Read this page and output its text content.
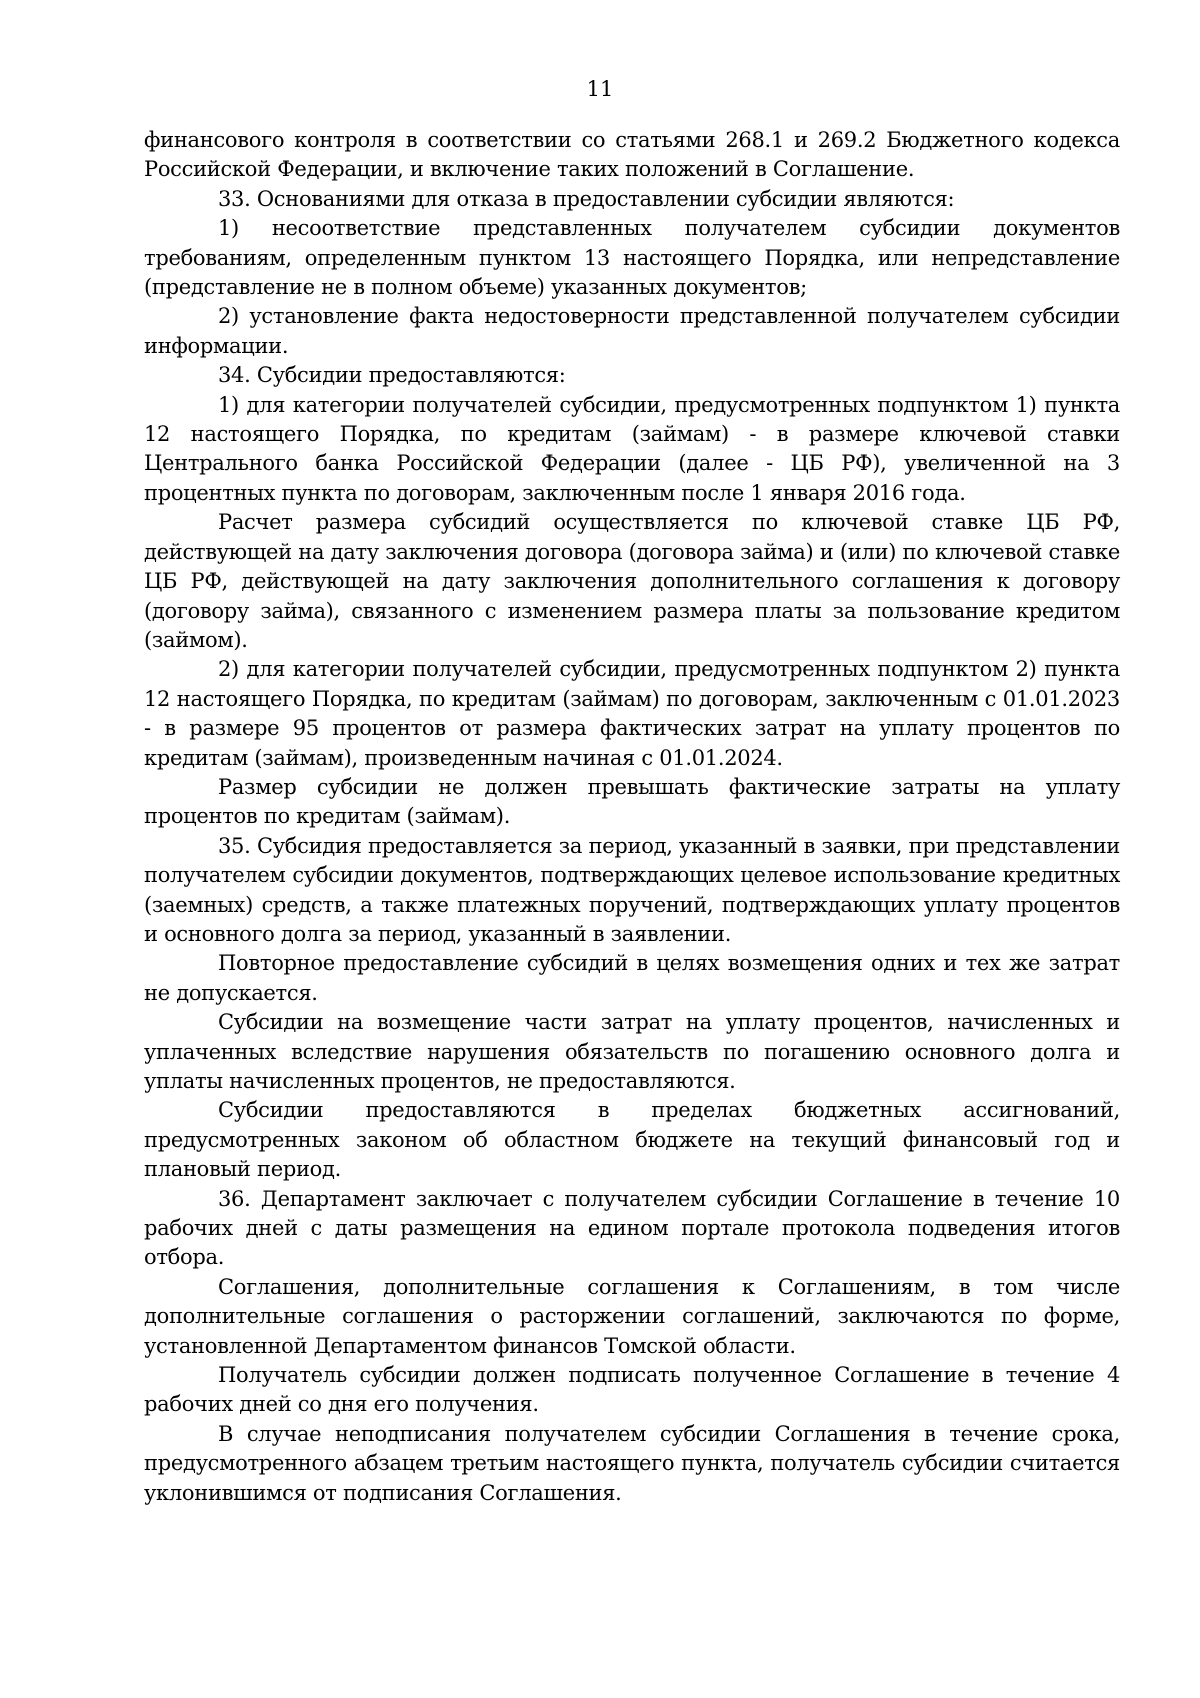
11

финансового контроля в соответствии со статьями 268.1 и 269.2 Бюджетного кодекса Российской Федерации, и включение таких положений в Соглашение.

33. Основаниями для отказа в предоставлении субсидии являются:

1) несоответствие представленных получателем субсидии документов требованиям, определенным пунктом 13 настоящего Порядка, или непредставление (представление не в полном объеме) указанных документов;

2) установление факта недостоверности представленной получателем субсидии информации.

34. Субсидии предоставляются:

1) для категории получателей субсидии, предусмотренных подпунктом 1) пункта 12 настоящего Порядка, по кредитам (займам) - в размере ключевой ставки Центрального банка Российской Федерации (далее - ЦБ РФ), увеличенной на 3 процентных пункта по договорам, заключенным после 1 января 2016 года.

Расчет размера субсидий осуществляется по ключевой ставке ЦБ РФ, действующей на дату заключения договора (договора займа) и (или) по ключевой ставке ЦБ РФ, действующей на дату заключения дополнительного соглашения к договору (договору займа), связанного с изменением размера платы за пользование кредитом (займом).

2) для категории получателей субсидии, предусмотренных подпунктом 2) пункта 12 настоящего Порядка, по кредитам (займам) по договорам, заключенным с 01.01.2023 - в размере 95 процентов от размера фактических затрат на уплату процентов по кредитам (займам), произведенным начиная с 01.01.2024.

Размер субсидии не должен превышать фактические затраты на уплату процентов по кредитам (займам).

35. Субсидия предоставляется за период, указанный в заявки, при представлении получателем субсидии документов, подтверждающих целевое использование кредитных (заемных) средств, а также платежных поручений, подтверждающих уплату процентов и основного долга за период, указанный в заявлении.

Повторное предоставление субсидий в целях возмещения одних и тех же затрат не допускается.

Субсидии на возмещение части затрат на уплату процентов, начисленных и уплаченных вследствие нарушения обязательств по погашению основного долга и уплаты начисленных процентов, не предоставляются.

Субсидии предоставляются в пределах бюджетных ассигнований, предусмотренных законом об областном бюджете на текущий финансовый год и плановый период.

36. Департамент заключает с получателем субсидии Соглашение в течение 10 рабочих дней с даты размещения на едином портале протокола подведения итогов отбора.

Соглашения, дополнительные соглашения к Соглашениям, в том числе дополнительные соглашения о расторжении соглашений, заключаются по форме, установленной Департаментом финансов Томской области.

Получатель субсидии должен подписать полученное Соглашение в течение 4 рабочих дней со дня его получения.

В случае неподписания получателем субсидии Соглашения в течение срока, предусмотренного абзацем третьим настоящего пункта, получатель субсидии считается уклонившимся от подписания Соглашения.
